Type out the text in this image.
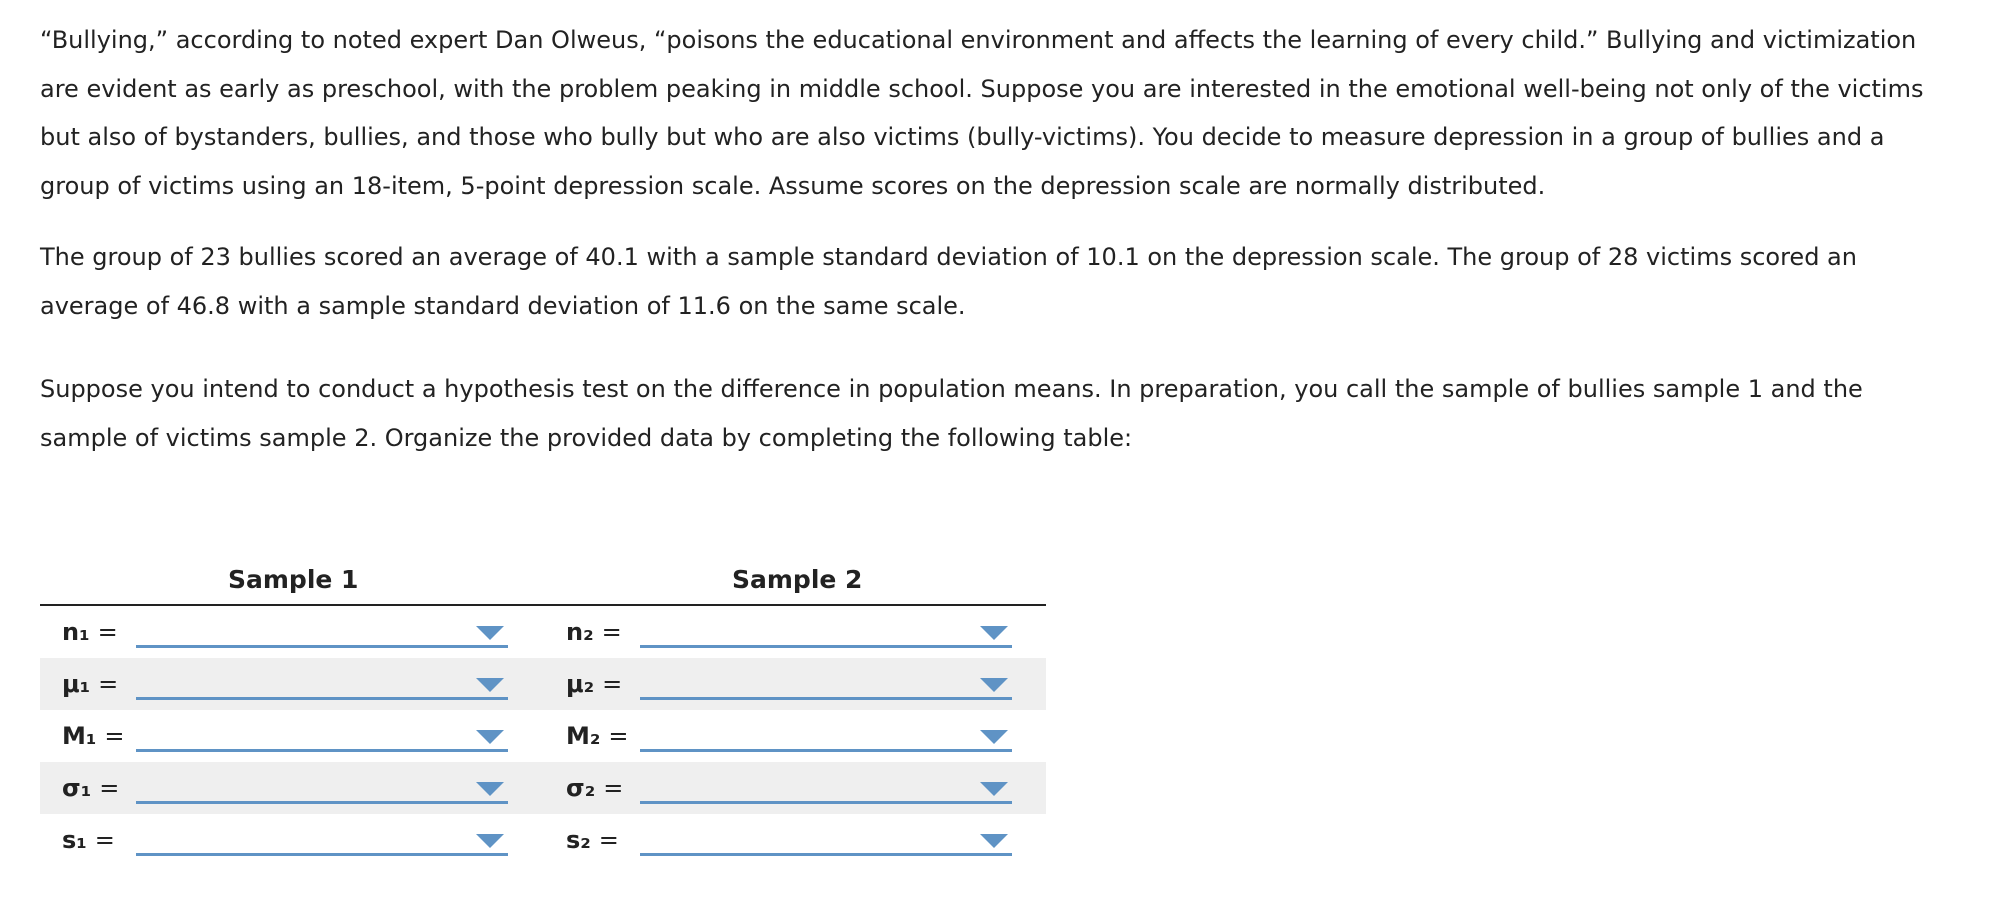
“Bullying,” according to noted expert Dan Olweus, “poisons the educational environment and affects the learning of every child.” Bullying and victimization are evident as early as preschool, with the problem peaking in middle school. Suppose you are interested in the emotional well-being not only of the victims but also of bystanders, bullies, and those who bully but who are also victims (bully-victims). You decide to measure depression in a group of bullies and a group of victims using an 18-item, 5-point depression scale. Assume scores on the depression scale are normally distributed.

The group of 23 bullies scored an average of 40.1 with a sample standard deviation of 10.1 on the depression scale. The group of 28 victims scored an average of 46.8 with a sample standard deviation of 11.6 on the same scale.

Suppose you intend to conduct a hypothesis test on the difference in population means. In preparation, you call the sample of bullies sample 1 and the sample of victims sample 2. Organize the provided data by completing the following table:

Sample 1	Sample 2
n₁ =	n₂ =
μ₁ =	μ₂ =
M₁ =	M₂ =
σ₁ =	σ₂ =
s₁ =	s₂ =
